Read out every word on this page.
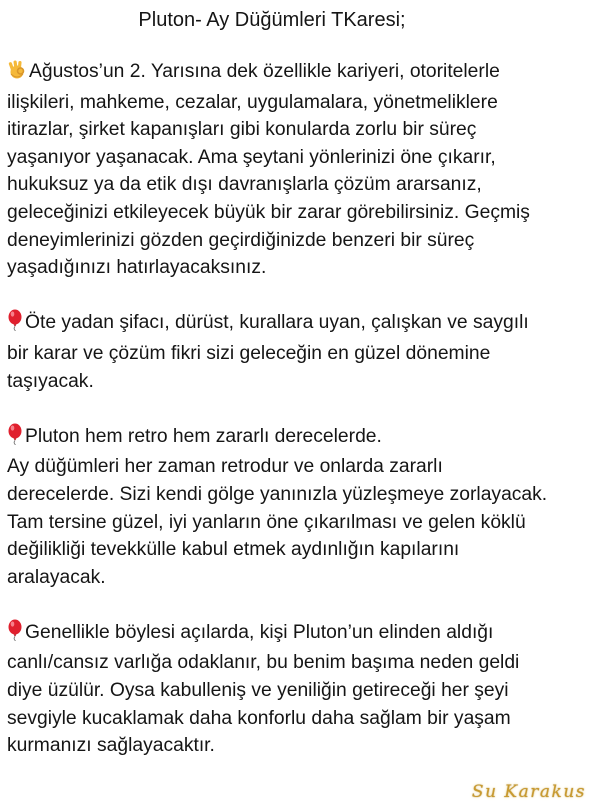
Pluton- Ay Düğümleri TKaresi;
Ağustos’un 2. Yarısına dek özellikle kariyeri, otoritelerle
ilişkileri, mahkeme, cezalar, uygulamalara, yönetmeliklere
itirazlar, şirket kapanışları gibi konularda zorlu bir süreç
yaşanıyor yaşanacak. Ama şeytani yönlerinizi öne çıkarır,
hukuksuz ya da etik dışı davranışlarla çözüm ararsanız,
geleceğinizi etkileyecek büyük bir zarar görebilirsiniz. Geçmiş
deneyimlerinizi gözden geçirdiğinizde benzeri bir süreç
yaşadığınızı hatırlayacaksınız.
Öte yadan şifacı, dürüst, kurallara uyan, çalışkan ve saygılı
bir karar ve çözüm fikri sizi geleceğin en güzel dönemine
taşıyacak.
Pluton hem retro hem zararlı derecelerde.
Ay düğümleri her zaman retrodur ve onlarda zararlı
derecelerde. Sizi kendi gölge yanınızla yüzleşmeye zorlayacak.
Tam tersine güzel, iyi yanların öne çıkarılması ve gelen köklü
değilikliği tevekkülle kabul etmek aydınlığın kapılarını
aralayacak.
Genellikle böylesi açılarda, kişi Pluton’un elinden aldığı
canlı/cansız varlığa odaklanır, bu benim başıma neden geldi
diye üzülür. Oysa kabulleniş ve yeniliğin getireceği her şeyi
sevgiyle kucaklamak daha konforlu daha sağlam bir yaşam
kurmanızı sağlayacaktır.
Su Karakus
